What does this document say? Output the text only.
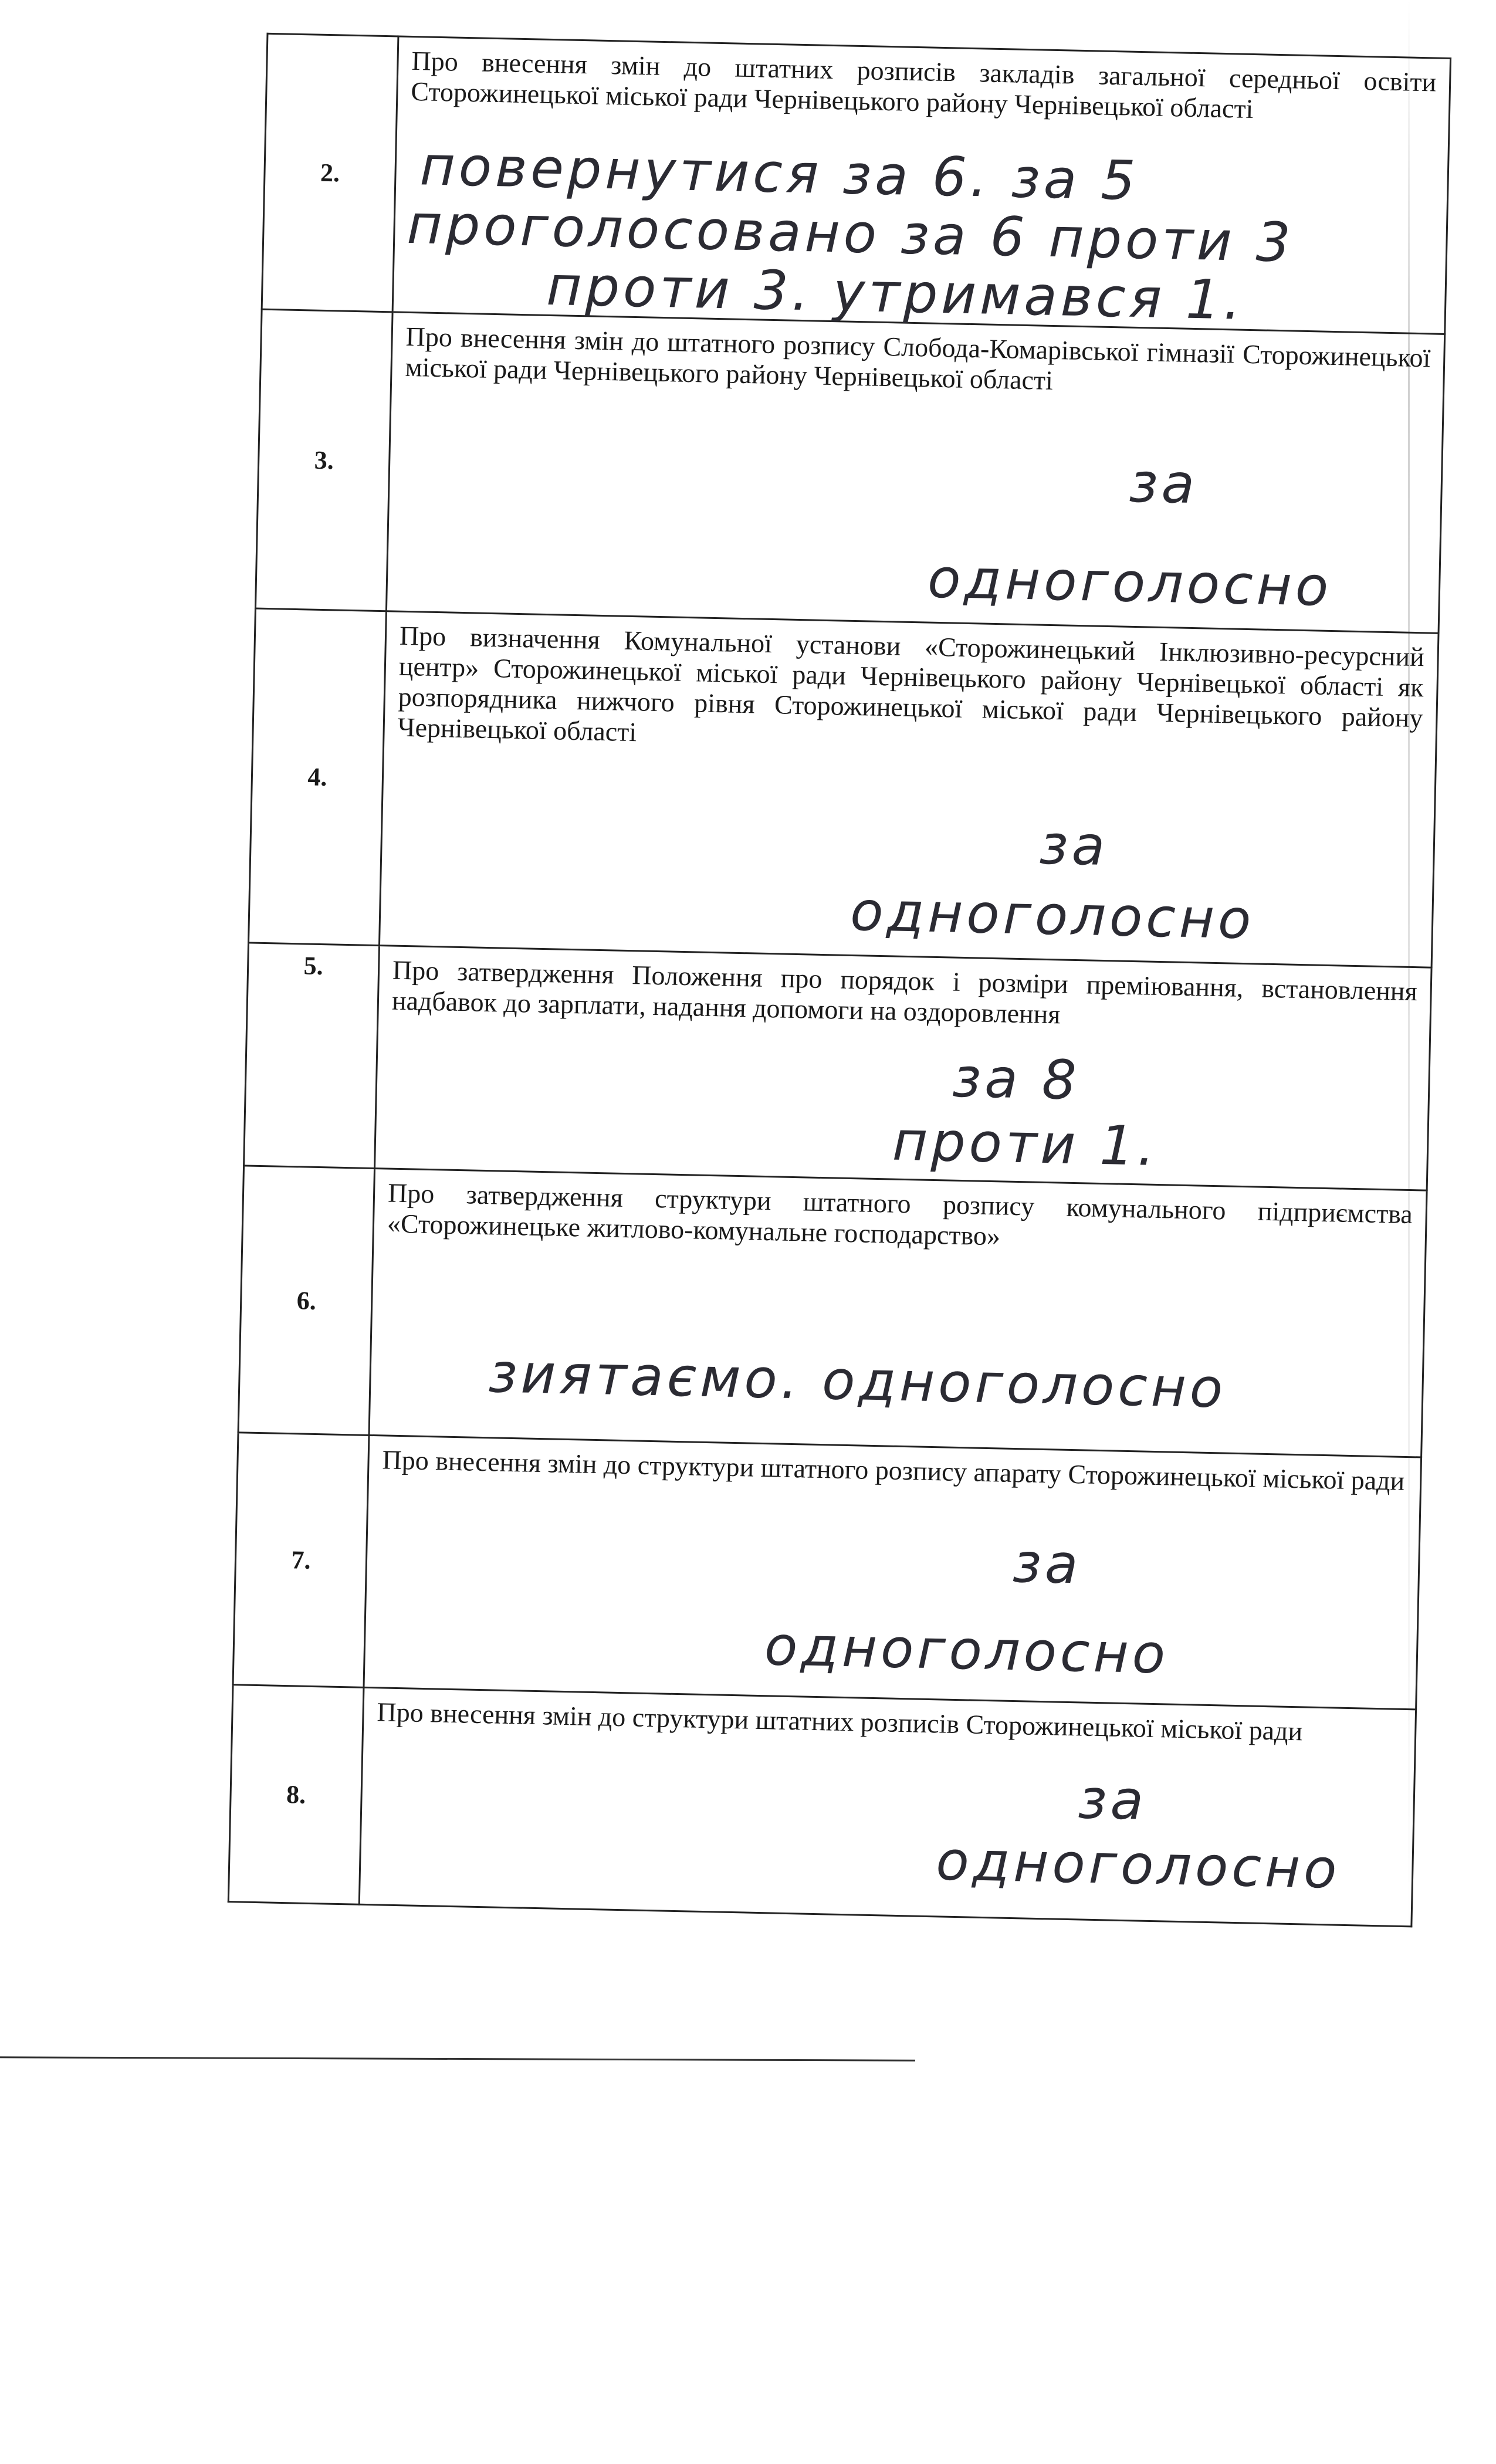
2.	Про внесення змін до штатних розписів закладів загальної середньої освіти Сторожинецької міської ради Чернівецького району Чернівецької області

повернутися за 6. за 5
проголосовано за 6 проти 3
проти 3. утримався 1.

3.	Про внесення змін до штатного розпису Слобода-Комарівської гімназії Сторожинецької міської ради Чернівецького району Чернівецької області

за
одноголосно

4.	Про визначення Комунальної установи «Сторожинецький Інклюзивно-ресурсний центр» Сторожинецької міської ради Чернівецького району Чернівецької області як розпорядника нижчого рівня Сторожинецької міської ради Чернівецького району Чернівецької області

за
одноголосно

5.	Про затвердження Положення про порядок і розміри преміювання, встановлення надбавок до зарплати, надання допомоги на оздоровлення

за 8
проти 1.

6.	Про затвердження структури штатного розпису комунального підприємства «Сторожинецьке житлово-комунальне господарство»

зиятаємо. одноголосно

7.	Про внесення змін до структури штатного розпису апарату Сторожинецької міської ради

за
одноголосно

8.	Про внесення змін до структури штатних розписів Сторожинецької міської ради

за
одноголосно
